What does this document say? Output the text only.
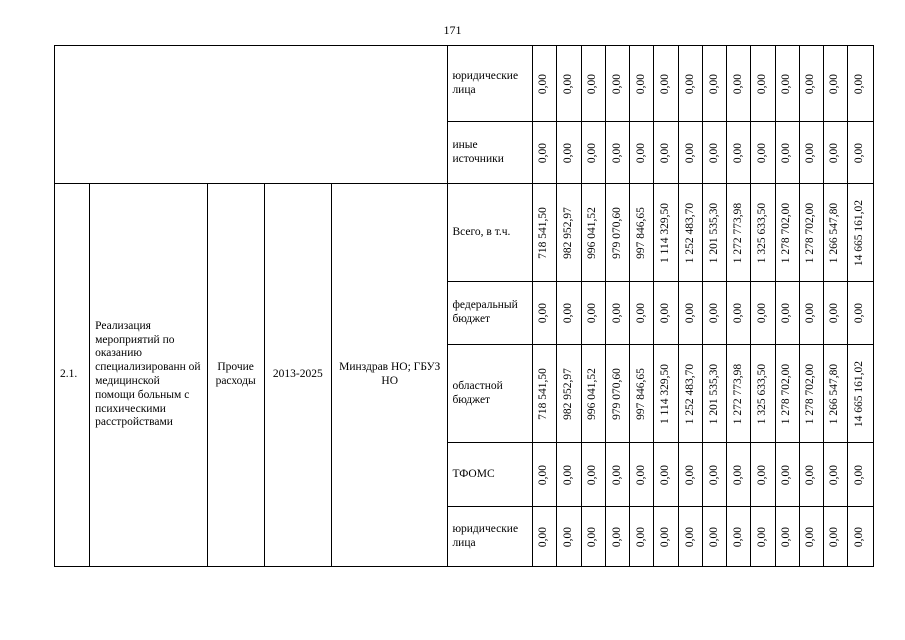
171
					юридические лица	0,00	0,00	0,00	0,00	0,00	0,00	0,00	0,00	0,00	0,00	0,00	0,00	0,00	0,00

					иные источники	0,00	0,00	0,00	0,00	0,00	0,00	0,00	0,00	0,00	0,00	0,00	0,00	0,00	0,00

2.1.	Реализация мероприятий по оказанию специализированн ой медицинской помощи больным с психическими расстройствами	Прочие расходы	2013-2025	Минздрав НО; ГБУЗ НО	Всего, в т.ч.	718 541,50	982 952,97	996 041,52	979 070,60	997 846,65	1 114 329,50	1 252 483,70	1 201 535,30	1 272 773,98	1 325 633,50	1 278 702,00	1 278 702,00	1 266 547,80	14 665 161,02

					федеральный бюджет	0,00	0,00	0,00	0,00	0,00	0,00	0,00	0,00	0,00	0,00	0,00	0,00	0,00	0,00

					областной бюджет	718 541,50	982 952,97	996 041,52	979 070,60	997 846,65	1 114 329,50	1 252 483,70	1 201 535,30	1 272 773,98	1 325 633,50	1 278 702,00	1 278 702,00	1 266 547,80	14 665 161,02

					ТФОМС	0,00	0,00	0,00	0,00	0,00	0,00	0,00	0,00	0,00	0,00	0,00	0,00	0,00	0,00

					юридические лица	0,00	0,00	0,00	0,00	0,00	0,00	0,00	0,00	0,00	0,00	0,00	0,00	0,00	0,00
